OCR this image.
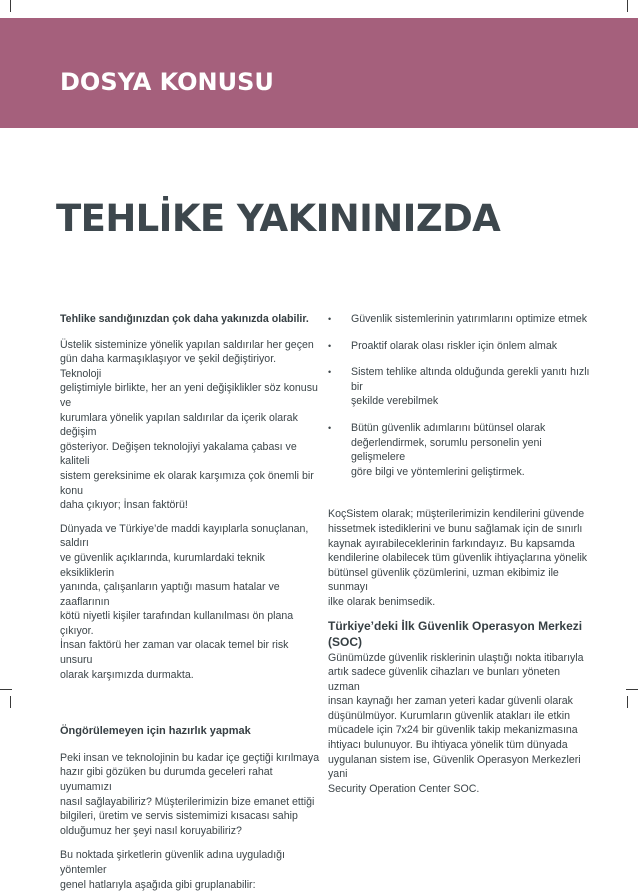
DOSYA KONUSU
TEHLİKE YAKININIZDA

Tehlike sandığınızdan çok daha yakınızda olabilir.

Üstelik sisteminize yönelik yapılan saldırılar her geçen
gün daha karmaşıklaşıyor ve şekil değiştiriyor. Teknoloji
geliştimiyle birlikte, her an yeni değişiklikler söz konusu ve
kurumlara yönelik yapılan saldırılar da içerik olarak değişim
gösteriyor. Değişen teknolojiyi yakalama çabası ve kaliteli
sistem gereksinime ek olarak karşımıza çok önemli bir konu
daha çıkıyor; İnsan faktörü!
Dünyada ve Türkiye’de maddi kayıplarla sonuçlanan, saldırı
ve güvenlik açıklarında, kurumlardaki teknik eksikliklerin
yanında, çalışanların yaptığı masum hatalar ve zaaflarının
kötü niyetli kişiler tarafından kullanılması ön plana çıkıyor.
İnsan faktörü her zaman var olacak temel bir risk unsuru
olarak karşımızda durmakta.

Öngörülemeyen için hazırlık yapmak

Peki insan ve teknolojinin bu kadar içe geçtiği kırılmaya
hazır gibi gözüken bu durumda geceleri rahat uyumamızı
nasıl sağlayabiliriz? Müşterilerimizin bize emanet ettiği
bilgileri, üretim ve servis sistemimizi kısacası sahip
olduğumuz her şeyi nasıl koruyabiliriz?
Bu noktada şirketlerin güvenlik adına uyguladığı yöntemler
genel hatlarıyla aşağıda gibi gruplanabilir:
• Güvenlik sistemlerinin yatırımlarını optimize etmek
• Proaktif olarak olası riskler için önlem almak
• Sistem tehlike altında olduğunda gerekli yanıtı hızlı bir
şekilde verebilmek
• Bütün güvenlik adımlarını bütünsel olarak
değerlendirmek, sorumlu personelin yeni gelişmelere
göre bilgi ve yöntemlerini geliştirmek.
KoçSistem olarak; müşterilerimizin kendilerini güvende
hissetmek istediklerini ve bunu sağlamak için de sınırlı
kaynak ayırabileceklerinin farkındayız. Bu kapsamda
kendilerine olabilecek tüm güvenlik ihtiyaçlarına yönelik
bütünsel güvenlik çözümlerini, uzman ekibimiz ile sunmayı
ilke olarak benimsedik.

Türkiye’deki İlk Güvenlik Operasyon Merkezi (SOC)

Günümüzde güvenlik risklerinin ulaştığı nokta itibarıyla
artık sadece güvenlik cihazları ve bunları yöneten uzman
insan kaynağı her zaman yeteri kadar güvenli olarak
düşünülmüyor. Kurumların güvenlik atakları ile etkin
mücadele için 7x24 bir güvenlik takip mekanizmasına
ihtiyacı bulunuyor. Bu ihtiyaca yönelik tüm dünyada
uygulanan sistem ise, Güvenlik Operasyon Merkezleri yani
Security Operation Center SOC.
